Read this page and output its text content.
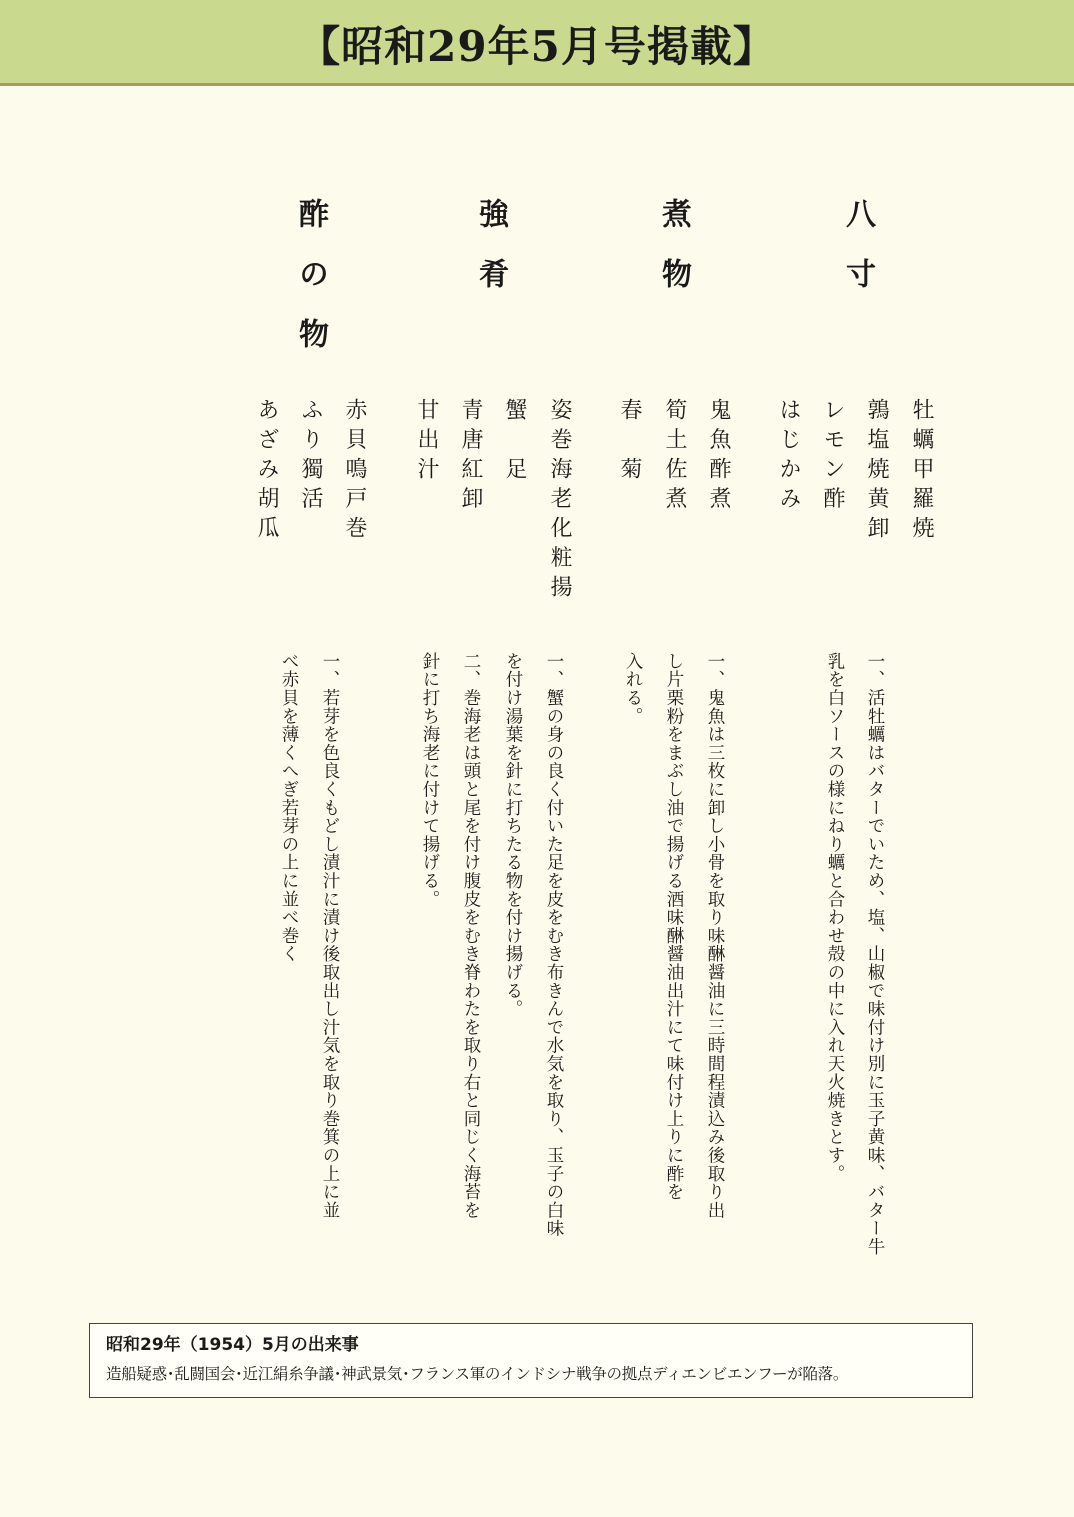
【昭和29年5月号掲載】
八寸
煮物
強肴
酢の物
牡蠣甲羅焼
鶉塩焼黄卸
レモン酢
はじかみ
鬼魚酢煮
筍土佐煮
春　菊
姿巻海老化粧揚
蟹　足
青唐紅卸
甘出汁
赤貝鳴戸巻
ふり獨活
あざみ胡瓜

一、活牡蠣はバターでいため、塩、山椒で味付け別に玉子黄味、バター牛

乳を白ソースの様にねり蠣と合わせ殻の中に入れ天火焼きとす。

一、鬼魚は三枚に卸し小骨を取り味醂醤油に三時間程漬込み後取り出

し片栗粉をまぶし油で揚げる酒味醂醤油出汁にて味付け上りに酢を

入れる。

一、蟹の身の良く付いた足を皮をむき布きんで水気を取り、玉子の白味

を付け湯葉を針に打ちたる物を付け揚げる。

二、巻海老は頭と尾を付け腹皮をむき脊わたを取り右と同じく海苔を

針に打ち海老に付けて揚げる。

一、若芽を色良くもどし漬汁に漬け後取出し汁気を取り巻箕の上に並

べ赤貝を薄くへぎ若芽の上に並べ巻く

昭和29年（1954）5月の出来事
造船疑惑･乱闘国会･近江絹糸争議･神武景気･フランス軍のインドシナ戦争の拠点ディエンビエンフーが陥落。
